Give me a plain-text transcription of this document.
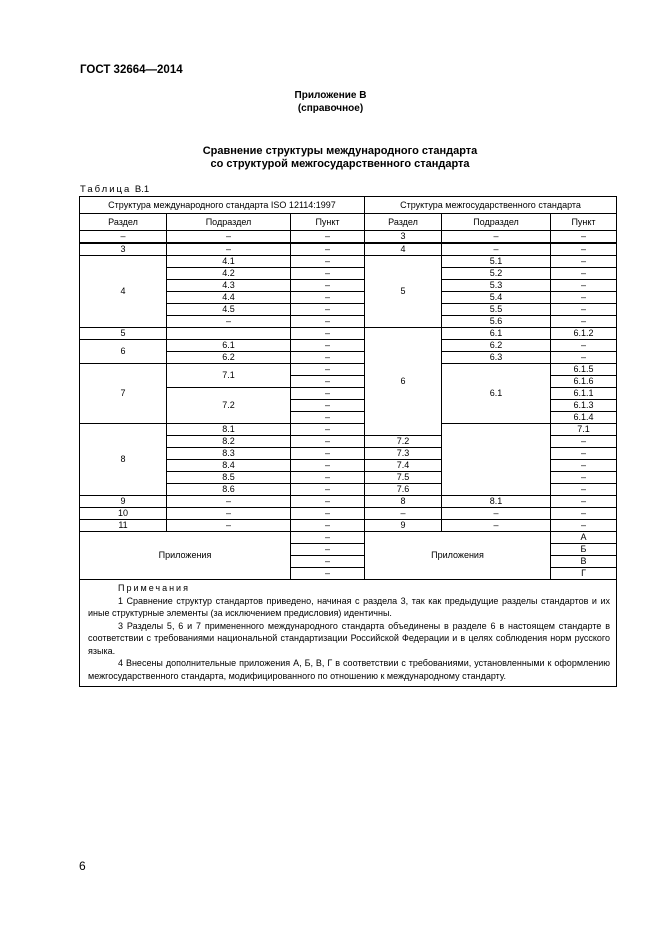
ГОСТ 32664—2014
Приложение В
(справочное)
Сравнение структуры международного стандарта
со структурой межгосударственного стандарта
Таблица В.1
Структура международного стандарта ISO 12114:1997			Структура межгосударственного стандарта			
Раздел	Подраздел	Пункт	Раздел	Подраздел	Пункт	
–	–	–	3	–	–	
3	–	–	4	–	–	
4	4.1	–	5	5.1	–	
	4.2	–		5.2	–	
	4.3	–		5.3	–	
	4.4	–		5.4	–	
	4.5	–		5.5	–	
	–	–		5.6	–	
5		–	6	6.1	6.1.2	
6	6.1	–		6.2	–	
	6.2	–		6.3	–	
7	7.1	–		6.1	6.1.5	
		–			6.1.6	
	7.2	–			6.1.1	
		–			6.1.3	
		–			6.1.4	
8	8.1	–			7.1	
	8.2	–	7.2		–	
	8.3	–	7.3		–	
	8.4	–	7.4		–	
	8.5	–	7.5		–	
	8.6	–	7.6		–	
9	–	–	8	8.1	–	
10	–	–	–	–	–	
11	–	–	9	–	–	
Приложения		–	Приложения		А	
		–			Б	
		–			В	
		–			Г	

Примечания
1 Сравнение структур стандартов приведено, начиная с раздела 3, так как предыдущие разделы стандартов и их иные структурные элементы (за исключением предисловия) идентичны.
3 Разделы 5, 6 и 7 примененного международного стандарта объединены в разделе 6 в настоящем стандарте в соответствии с требованиями национальной стандартизации Российской Федерации и в целях соблюдения норм русского языка.
4 Внесены дополнительные приложения А, Б, В, Г в соответствии с требованиями, установленными к оформлению межгосударственного стандарта, модифицированного по отношению к международному стандарту.						
6
